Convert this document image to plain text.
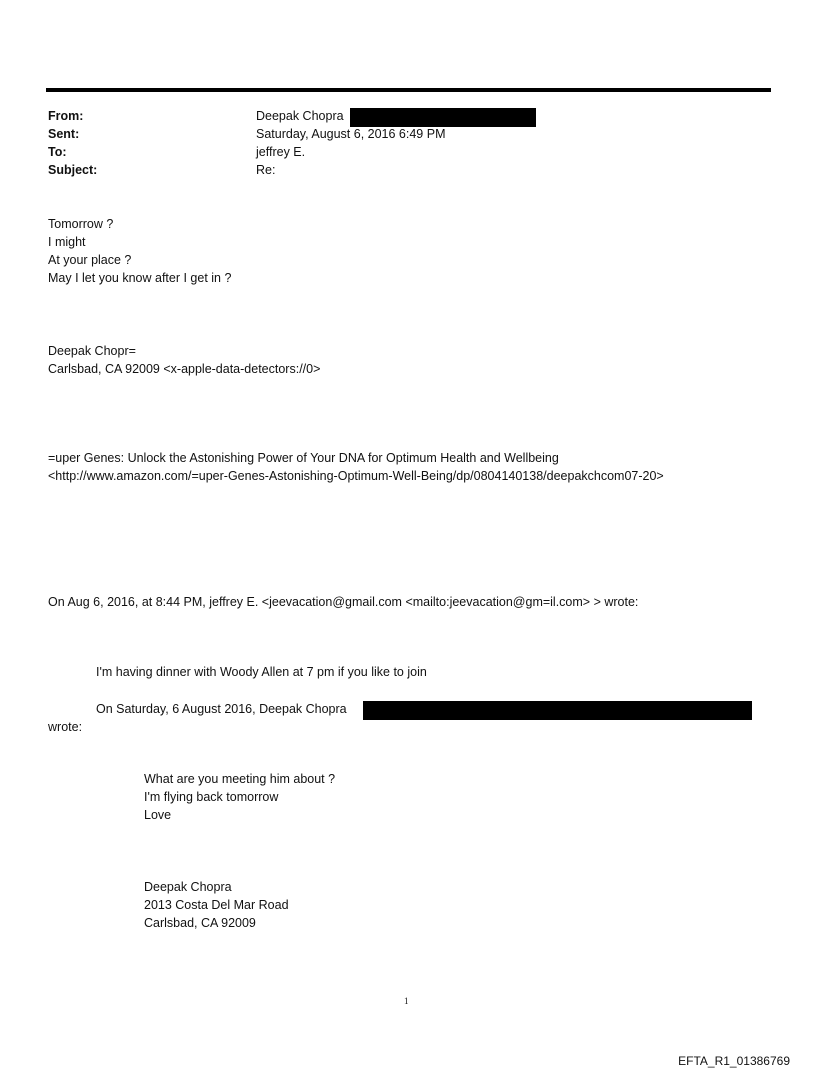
From:	Deepak Chopra
Sent:	Saturday, August 6, 2016 6:49 PM
To:	jeffrey E.
Subject:	Re:
Tomorrow ?
I might
At your place ?
May I let you know after I get in ?
Deepak Chopr=
Carlsbad, CA 92009 <x-apple-data-detectors://0>
=uper Genes: Unlock the Astonishing Power of Your DNA for Optimum Health and Wellbeing
<http://www.amazon.com/=uper-Genes-Astonishing-Optimum-Well-Being/dp/0804140138/deepakchcom07-20>
On Aug 6, 2016, at 8:44 PM, jeffrey E. <jeevacation@gmail.com <mailto:jeevacation@gm=il.com> > wrote:
I'm having dinner with Woody Allen at 7 pm if you like to join
On Saturday, 6 August 2016, Deepak Chopra
wrote:
What are you meeting him about ?
I'm flying back tomorrow
Love
Deepak Chopra
2013 Costa Del Mar Road
Carlsbad, CA 92009
1
EFTA_R1_01386769
